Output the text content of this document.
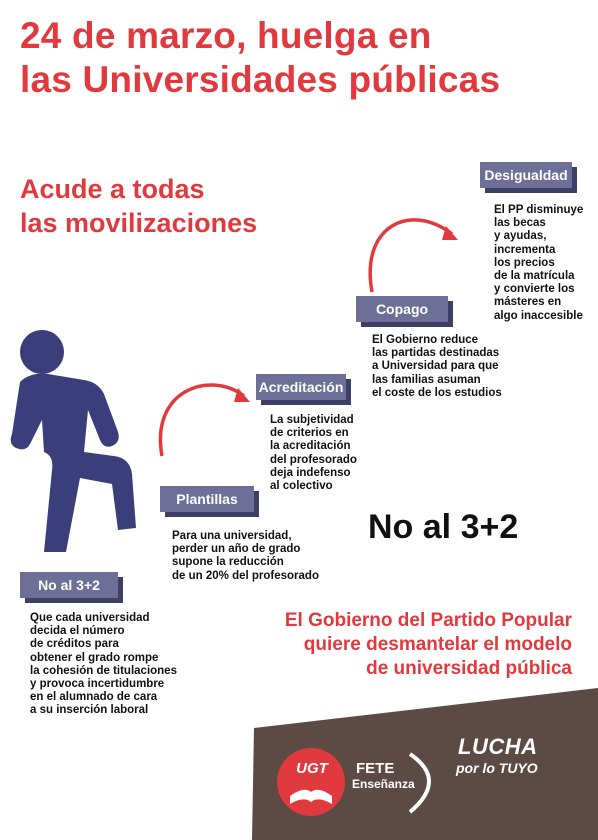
24 de marzo, huelga en
las Universidades públicas
Acude a todas
las movilizaciones
No al 3+2
Plantillas
Acreditación
Copago
Desigualdad
Que cada universidad
decida el número
de créditos para
obtener el grado rompe
la cohesión de titulaciones
y provoca incertidumbre
en el alumnado de cara
a su inserción laboral
Para una universidad,
perder un año de grado
supone la reducción
de un 20% del profesorado
La subjetividad
de criterios en
la acreditación
del profesorado
deja indefenso
al colectivo
El Gobierno reduce
las partidas destinadas
a Universidad para que
las familias asuman
el coste de los estudios
El PP disminuye
las becas
y ayudas,
incrementa
los precios
de la matrícula
y convierte los
másteres en
algo inaccesible
No al 3+2
El Gobierno del Partido Popular
quiere desmantelar el modelo
de universidad pública
UGT	FETE
Enseñanza
LUCHA
por lo TUYO
